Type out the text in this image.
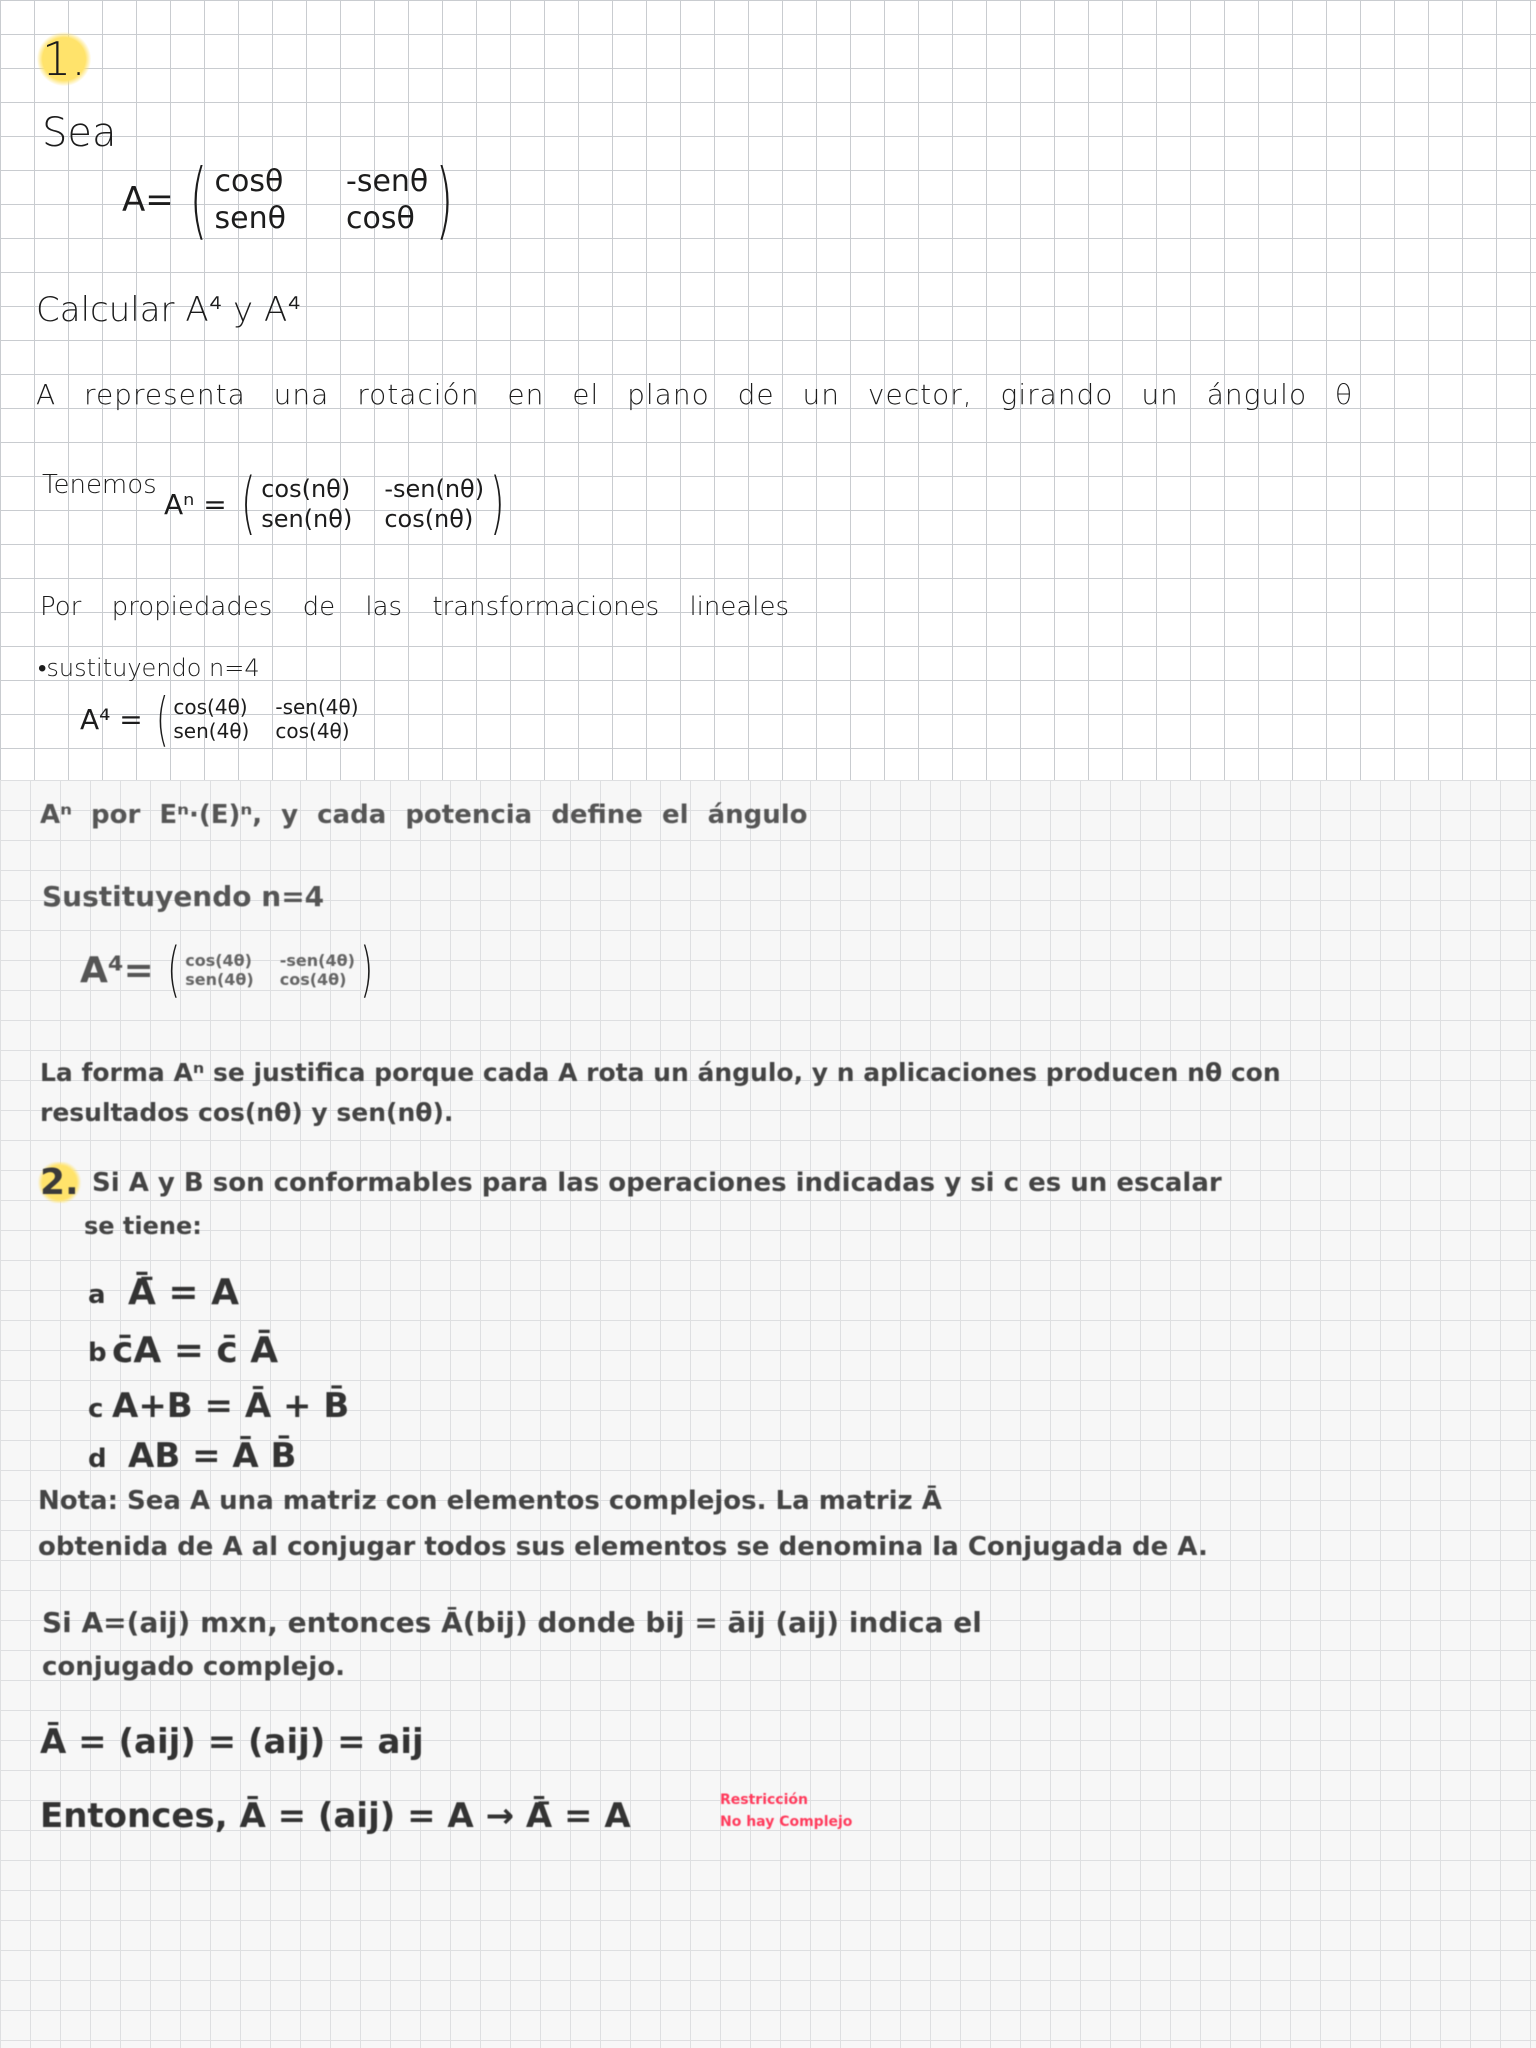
1.
Sea
A= ( cosθ -senθ
senθ cosθ )
Calcular A⁴ y A⁴
A representa una rotación en el plano de un vector, girando un ángulo θ
Tenemos
Aⁿ = ( cos(nθ) -sen(nθ)
sen(nθ) cos(nθ) )
Por propiedades de las transformaciones lineales
•sustituyendo n=4
A⁴ = ( cos(4θ) -sen(4θ)
sen(4θ) cos(4θ)
Aⁿ por Eⁿ·(E)ⁿ, y cada potencia define el ángulo
Sustituyendo n=4
A⁴= ( cos(4θ) -sen(4θ)
sen(4θ) cos(4θ) )
La forma Aⁿ se justifica porque cada A rota un ángulo, y n aplicaciones producen nθ con
resultados cos(nθ) y sen(nθ).
2. Si A y B son conformables para las operaciones indicadas y si c es un escalar
se tiene:
a Ā̄ = A
b c̄A = c̄ Ā
c A+B = Ā + B̄
d AB = Ā B̄
Nota: Sea A una matriz con elementos complejos. La matriz Ā
obtenida de A al conjugar todos sus elementos se denomina la Conjugada de A.
Si A=(aij) mxn, entonces Ā(bij) donde bij = āij (aij) indica el
conjugado complejo.
Ā = (aij) = (aij) = aij
Entonces, Ā = (aij) = A → Ā̄ = A	Restricción
No hay Complejo
